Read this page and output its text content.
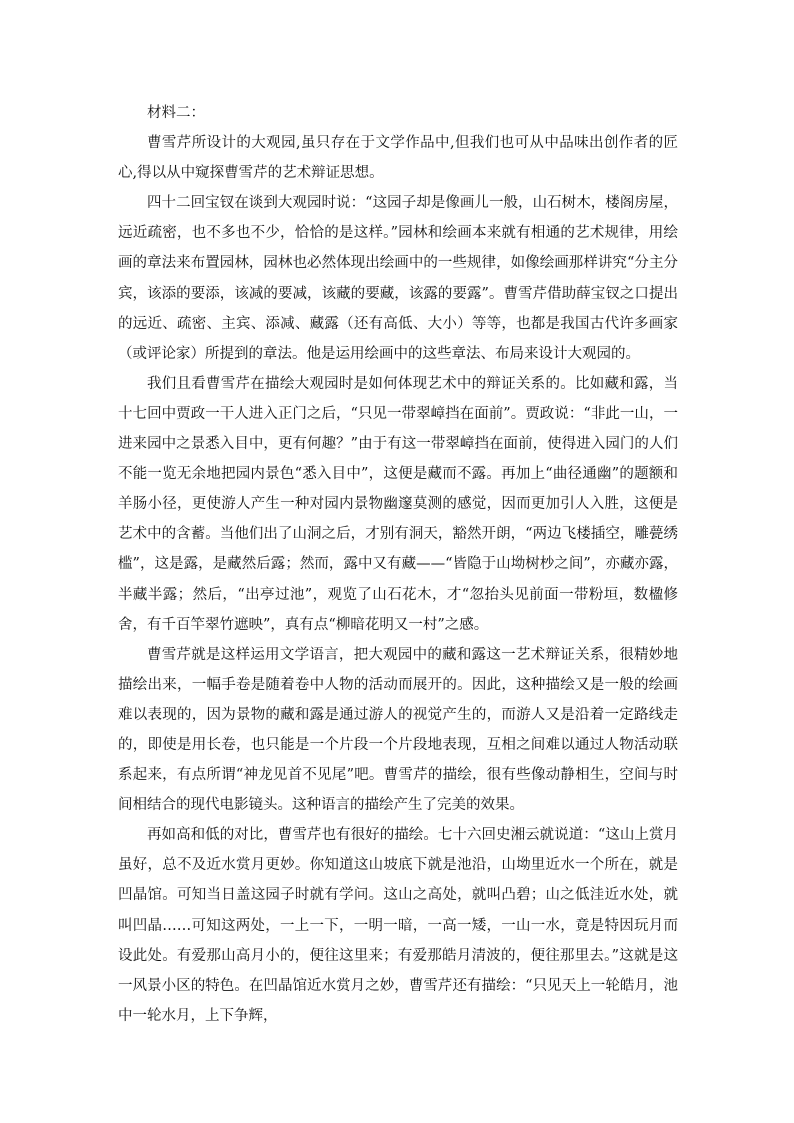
材料二：

曹雪芹所设计的大观园,虽只存在于文学作品中,但我们也可从中品味出创作者的匠心,得以从中窥探曹雪芹的艺术辩证思想。

四十二回宝钗在谈到大观园时说：“这园子却是像画儿一般，山石树木，楼阁房屋，远近疏密，也不多也不少，恰恰的是这样。”园林和绘画本来就有相通的艺术规律，用绘画的章法来布置园林，园林也必然体现出绘画中的一些规律，如像绘画那样讲究“分主分宾，该添的要添，该减的要减，该藏的要藏，该露的要露”。曹雪芹借助薛宝钗之口提出的远近、疏密、主宾、添减、藏露（还有高低、大小）等等，也都是我国古代许多画家（或评论家）所提到的章法。他是运用绘画中的这些章法、布局来设计大观园的。

我们且看曹雪芹在描绘大观园时是如何体现艺术中的辩证关系的。比如藏和露，当十七回中贾政一干人进入正门之后，“只见一带翠嶂挡在面前”。贾政说：“非此一山，一进来园中之景悉入目中，更有何趣？”由于有这一带翠嶂挡在面前，使得进入园门的人们不能一览无余地把园内景色“悉入目中”，这便是藏而不露。再加上“曲径通幽”的题额和羊肠小径，更使游人产生一种对园内景物幽邃莫测的感觉，因而更加引人入胜，这便是艺术中的含蓄。当他们出了山洞之后，才别有洞天，豁然开朗，“两边飞楼插空，雕甍绣槛”，这是露，是藏然后露；然而，露中又有藏——“皆隐于山坳树杪之间”，亦藏亦露，半藏半露；然后，“出亭过池”，观览了山石花木，才“忽抬头见前面一带粉垣，数楹修舍，有千百竿翠竹遮映”，真有点“柳暗花明又一村”之感。

曹雪芹就是这样运用文学语言，把大观园中的藏和露这一艺术辩证关系，很精妙地描绘出来，一幅手卷是随着卷中人物的活动而展开的。因此，这种描绘又是一般的绘画难以表现的，因为景物的藏和露是通过游人的视觉产生的，而游人又是沿着一定路线走的，即使是用长卷，也只能是一个片段一个片段地表现，互相之间难以通过人物活动联系起来，有点所谓“神龙见首不见尾”吧。曹雪芹的描绘，很有些像动静相生，空间与时间相结合的现代电影镜头。这种语言的描绘产生了完美的效果。

再如高和低的对比，曹雪芹也有很好的描绘。七十六回史湘云就说道：“这山上赏月虽好，总不及近水赏月更妙。你知道这山坡底下就是池沿，山坳里近水一个所在，就是凹晶馆。可知当日盖这园子时就有学问。这山之高处，就叫凸碧；山之低洼近水处，就叫凹晶……可知这两处，一上一下，一明一暗，一高一矮，一山一水，竟是特因玩月而设此处。有爱那山高月小的，便往这里来；有爱那皓月清波的，便往那里去。”这就是这一风景小区的特色。在凹晶馆近水赏月之妙，曹雪芹还有描绘：“只见天上一轮皓月，池中一轮水月，上下争辉，
